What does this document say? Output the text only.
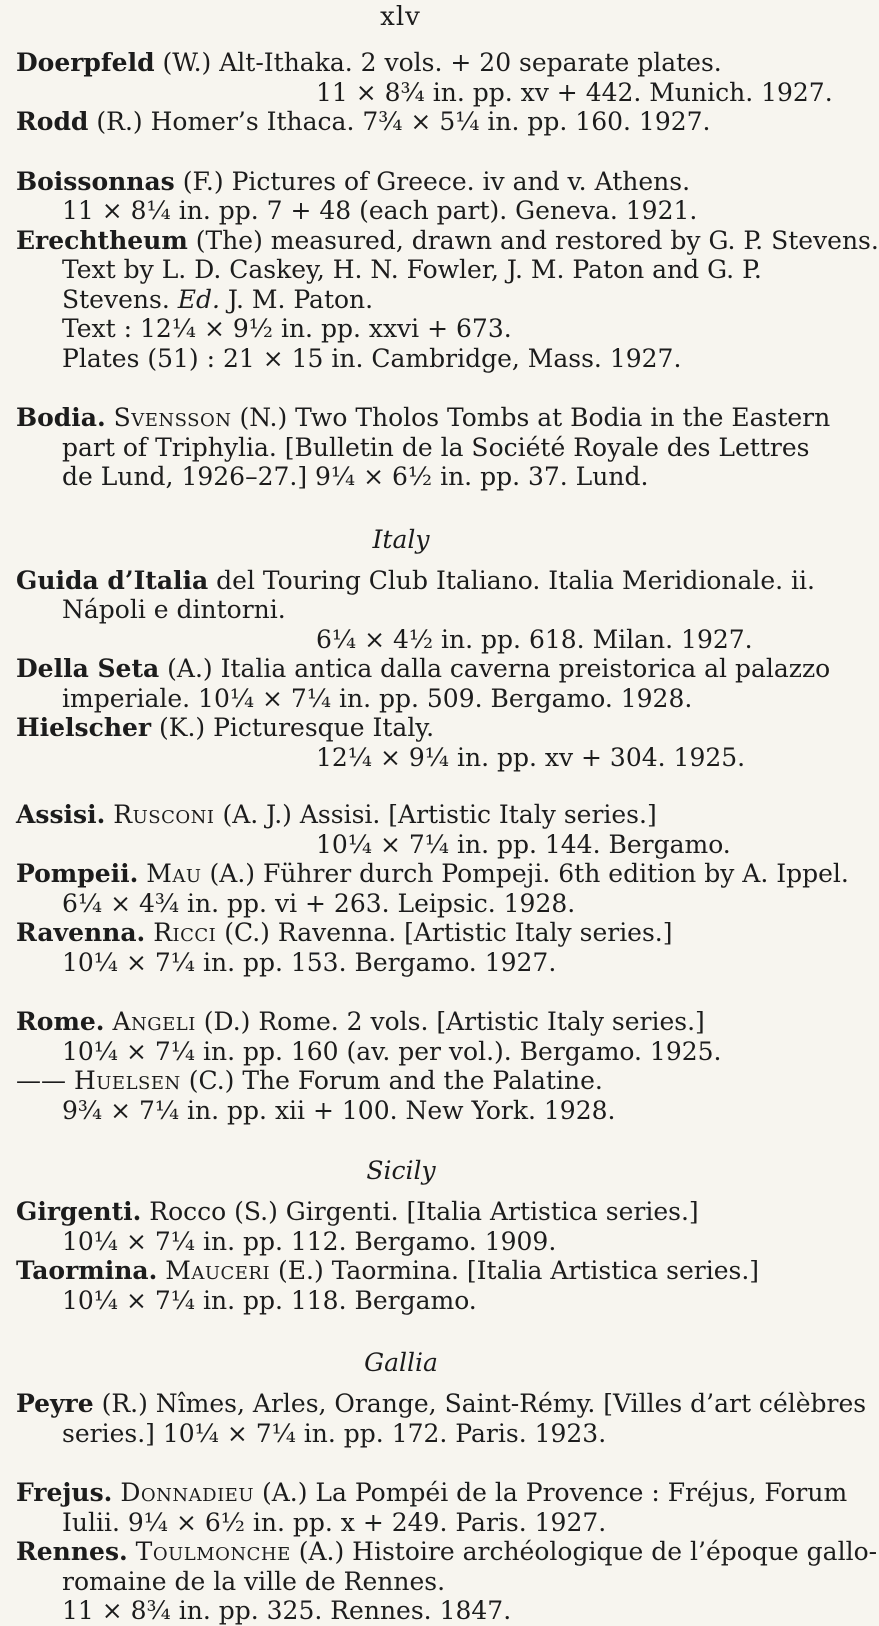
xlv
Doerpfeld (W.) Alt-Ithaka. 2 vols. + 20 separate plates.
11 × 8¾ in. pp. xv + 442. Munich. 1927.
Rodd (R.) Homer’s Ithaca. 7¾ × 5¼ in. pp. 160. 1927.
Boissonnas (F.) Pictures of Greece. iv and v. Athens.
11 × 8¼ in. pp. 7 + 48 (each part). Geneva. 1921.
Erechtheum (The) measured, drawn and restored by G. P. Stevens.
Text by L. D. Caskey, H. N. Fowler, J. M. Paton and G. P.
Stevens. Ed. J. M. Paton.
Text : 12¼ × 9½ in. pp. xxvi + 673.
Plates (51) : 21 × 15 in. Cambridge, Mass. 1927.
Bodia. Svensson (N.) Two Tholos Tombs at Bodia in the Eastern
part of Triphylia. [Bulletin de la Société Royale des Lettres
de Lund, 1926–27.] 9¼ × 6½ in. pp. 37. Lund.
Italy
Guida d’Italia del Touring Club Italiano. Italia Meridionale. ii.
Nápoli e dintorni.
6¼ × 4½ in. pp. 618. Milan. 1927.
Della Seta (A.) Italia antica dalla caverna preistorica al palazzo
imperiale. 10¼ × 7¼ in. pp. 509. Bergamo. 1928.
Hielscher (K.) Picturesque Italy.
12¼ × 9¼ in. pp. xv + 304. 1925.
Assisi. Rusconi (A. J.) Assisi. [Artistic Italy series.]
10¼ × 7¼ in. pp. 144. Bergamo.
Pompeii. Mau (A.) Führer durch Pompeji. 6th edition by A. Ippel.
6¼ × 4¾ in. pp. vi + 263. Leipsic. 1928.
Ravenna. Ricci (C.) Ravenna. [Artistic Italy series.]
10¼ × 7¼ in. pp. 153. Bergamo. 1927.
Rome. Angeli (D.) Rome. 2 vols. [Artistic Italy series.]
10¼ × 7¼ in. pp. 160 (av. per vol.). Bergamo. 1925.
—— Huelsen (C.) The Forum and the Palatine.
9¾ × 7¼ in. pp. xii + 100. New York. 1928.
Sicily
Girgenti. Rocco (S.) Girgenti. [Italia Artistica series.]
10¼ × 7¼ in. pp. 112. Bergamo. 1909.
Taormina. Mauceri (E.) Taormina. [Italia Artistica series.]
10¼ × 7¼ in. pp. 118. Bergamo.
Gallia
Peyre (R.) Nîmes, Arles, Orange, Saint-Rémy. [Villes d’art célèbres
series.] 10¼ × 7¼ in. pp. 172. Paris. 1923.
Frejus. Donnadieu (A.) La Pompéi de la Provence : Fréjus, Forum
Iulii. 9¼ × 6½ in. pp. x + 249. Paris. 1927.
Rennes. Toulmonche (A.) Histoire archéologique de l’époque gallo-
romaine de la ville de Rennes.
11 × 8¾ in. pp. 325. Rennes. 1847.
